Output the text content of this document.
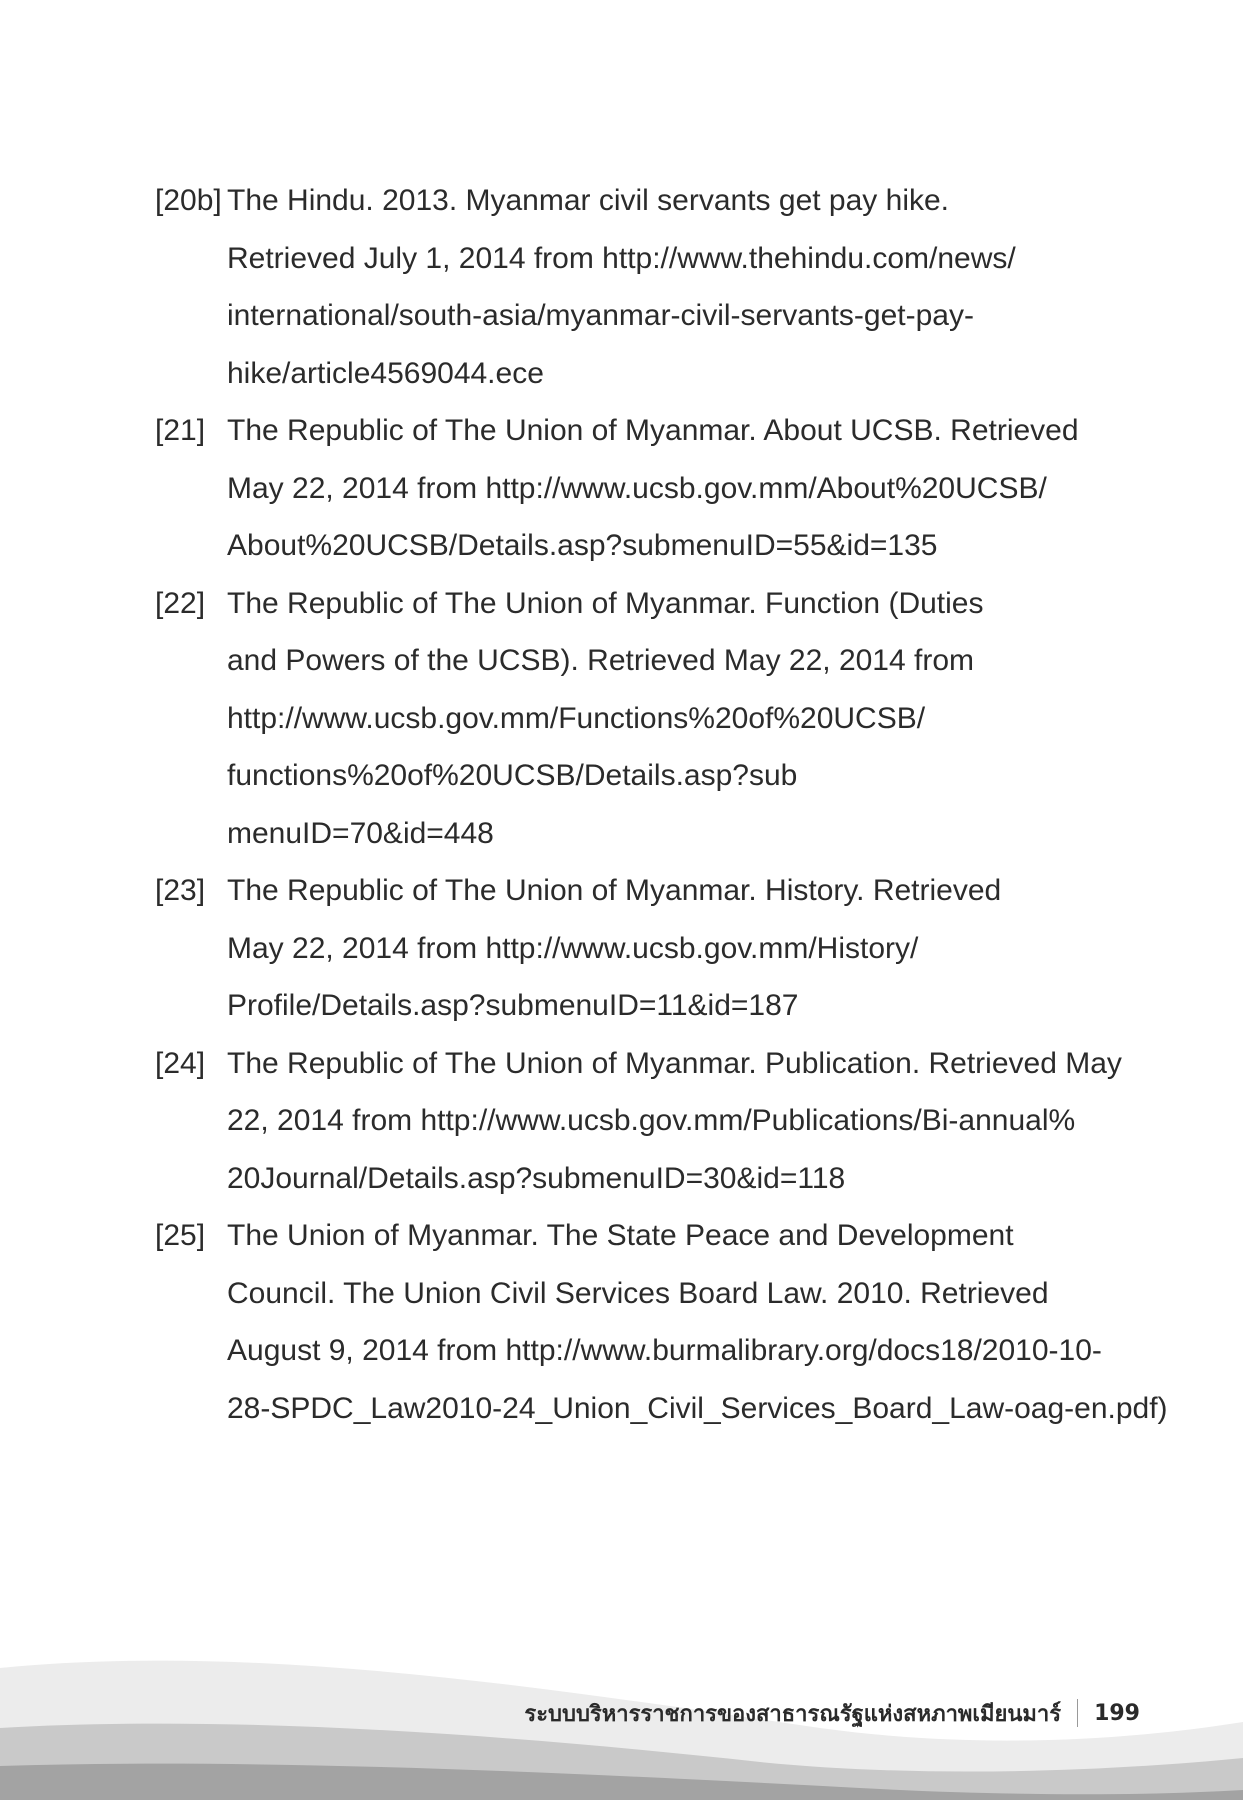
[20b] The Hindu. 2013. Myanmar civil servants get pay hike.
Retrieved July 1, 2014 from http://www.thehindu.com/news/
international/south-asia/myanmar-civil-servants-get-pay-
hike/article4569044.ece
[21] The Republic of The Union of Myanmar. About UCSB. Retrieved
May 22, 2014 from http://www.ucsb.gov.mm/About%20UCSB/
About%20UCSB/Details.asp?submenuID=55&id=135
[22] The Republic of The Union of Myanmar. Function (Duties
and Powers of the UCSB). Retrieved May 22, 2014 from
http://www.ucsb.gov.mm/Functions%20of%20UCSB/
functions%20of%20UCSB/Details.asp?sub
menuID=70&id=448
[23] The Republic of The Union of Myanmar. History. Retrieved
May 22, 2014 from http://www.ucsb.gov.mm/History/
Profile/Details.asp?submenuID=11&id=187
[24] The Republic of The Union of Myanmar. Publication. Retrieved May
22, 2014 from http://www.ucsb.gov.mm/Publications/Bi-annual%
20Journal/Details.asp?submenuID=30&id=118
[25] The Union of Myanmar. The State Peace and Development
Council. The Union Civil Services Board Law. 2010. Retrieved
August 9, 2014 from http://www.burmalibrary.org/docs18/2010-10-
28-SPDC_Law2010-24_Union_Civil_Services_Board_Law-oag-en.pdf)
ระบบบริหารราชการของสาธารณรัฐแห่งสหภาพเมียนมาร์ 199
